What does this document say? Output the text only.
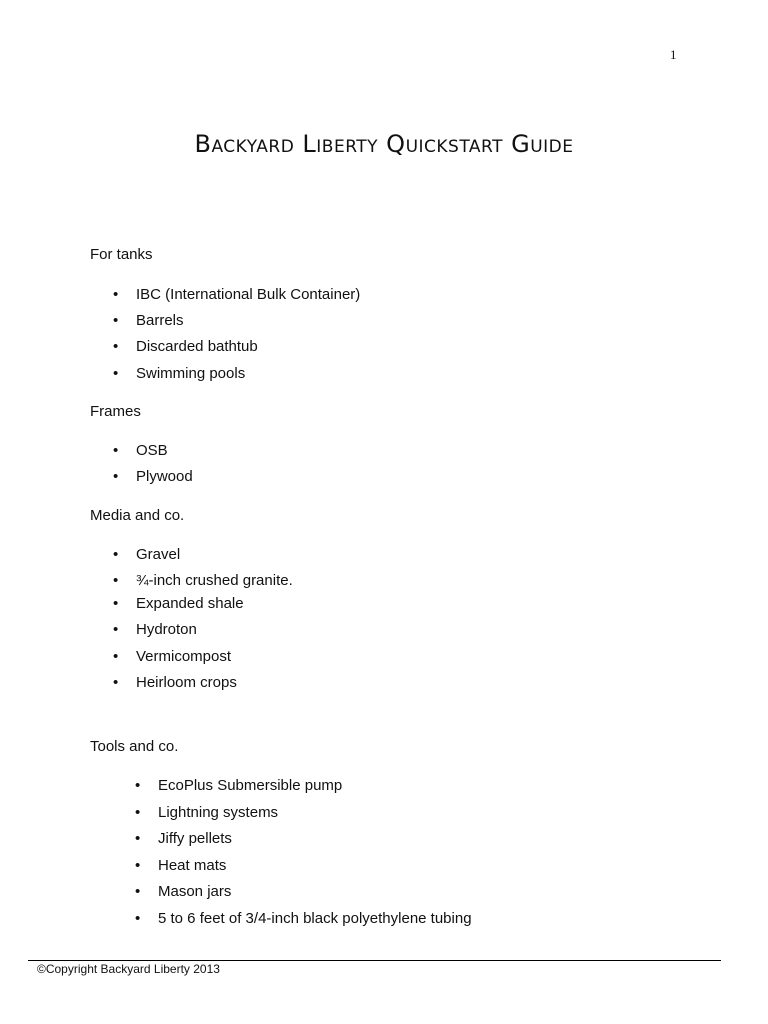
1
Backyard Liberty Quickstart Guide
For tanks
• IBC (International Bulk Container)
• Barrels
• Discarded bathtub
• Swimming pools
Frames
• OSB
• Plywood
Media and co.
• Gravel
• ¾-inch crushed granite.
• Expanded shale
• Hydroton
• Vermicompost
• Heirloom crops
Tools and co.
• EcoPlus Submersible pump
• Lightning systems
• Jiffy pellets
• Heat mats
• Mason jars
• 5 to 6 feet of 3/4-inch black polyethylene tubing
©Copyright Backyard Liberty 2013
